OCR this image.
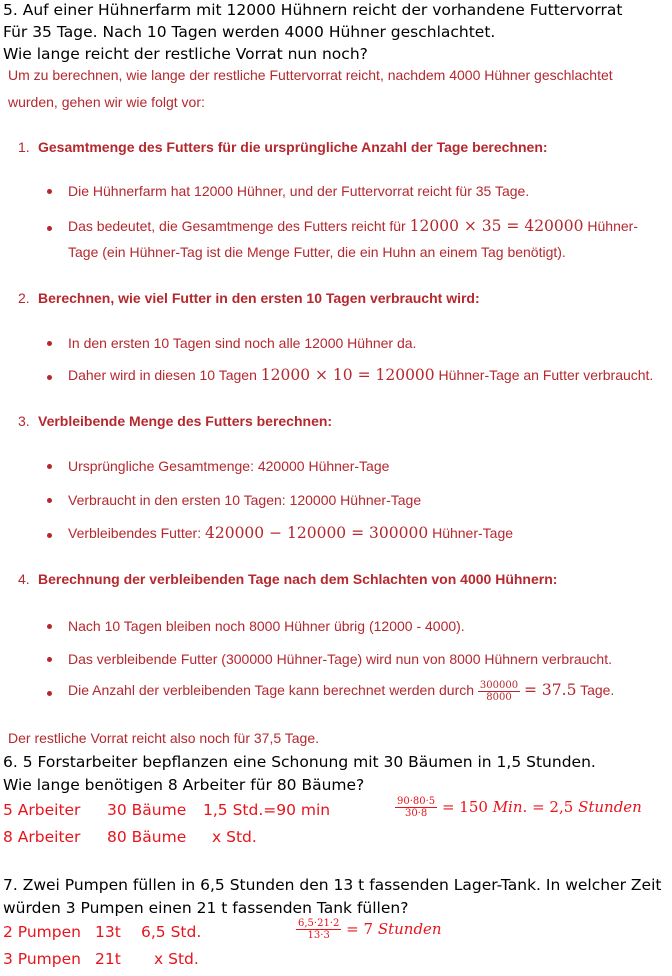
5. Auf einer Hühnerfarm mit 12000 Hühnern reicht der vorhandene Futtervorrat
Für 35 Tage. Nach 10 Tagen werden 4000 Hühner geschlachtet.
Wie lange reicht der restliche Vorrat nun noch?
Um zu berechnen, wie lange der restliche Futtervorrat reicht, nachdem 4000 Hühner geschlachtet
wurden, gehen wir wie folgt vor:
1. Gesamtmenge des Futters für die ursprüngliche Anzahl der Tage berechnen:
Die Hühnerfarm hat 12000 Hühner, und der Futtervorrat reicht für 35 Tage.
Das bedeutet, die Gesamtmenge des Futters reicht für 12000 × 35 = 420000 Hühner-
Tage (ein Hühner-Tag ist die Menge Futter, die ein Huhn an einem Tag benötigt).
2. Berechnen, wie viel Futter in den ersten 10 Tagen verbraucht wird:
In den ersten 10 Tagen sind noch alle 12000 Hühner da.
Daher wird in diesen 10 Tagen 12000 × 10 = 120000 Hühner-Tage an Futter verbraucht.
3. Verbleibende Menge des Futters berechnen:
Ursprüngliche Gesamtmenge: 420000 Hühner-Tage
Verbraucht in den ersten 10 Tagen: 120000 Hühner-Tage
Verbleibendes Futter: 420000 − 120000 = 300000 Hühner-Tage
4. Berechnung der verbleibenden Tage nach dem Schlachten von 4000 Hühnern:
Nach 10 Tagen bleiben noch 8000 Hühner übrig (12000 - 4000).
Das verbleibende Futter (300000 Hühner-Tage) wird nun von 8000 Hühnern verbraucht.
Die Anzahl der verbleibenden Tage kann berechnet werden durch $\frac{300000}{8000} = 37.5$ Tage.
Der restliche Vorrat reicht also noch für 37,5 Tage.
6. 5 Forstarbeiter bepflanzen eine Schonung mit 30 Bäumen in 1,5 Stunden.
Wie lange benötigen 8 Arbeiter für 80 Bäume?
5 Arbeiter 30 Bäume 1,5 Std.=90 min
8 Arbeiter 80 Bäume x Std.
$\frac{90\cdot 80\cdot 5}{30\cdot 8} = 150$ Min. = 2,5 Stunden
7. Zwei Pumpen füllen in 6,5 Stunden den 13 t fassenden Lager-Tank. In welcher Zeit
würden 3 Pumpen einen 21 t fassenden Tank füllen?
2 Pumpen 13t 6,5 Std.
3 Pumpen 21t x Std.
$\frac{6,5\cdot 21\cdot 2}{13\cdot 3} = 7$ Stunden
